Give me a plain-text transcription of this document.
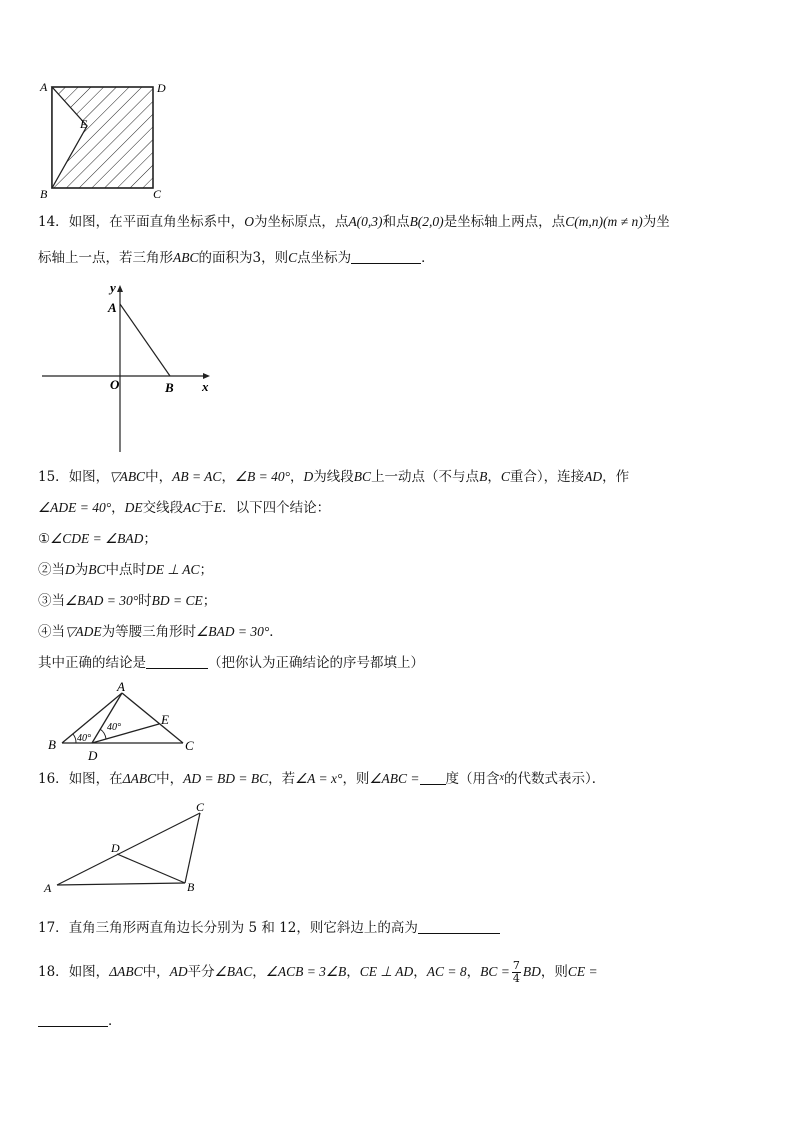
A	D
E
B	C
14．如图，在平面直角坐标系中，O为坐标原点，点A(0,3)和点B(2,0)是坐标轴上两点，点C(m,n)(m ≠ n)为坐
标轴上一点，若三角形ABC的面积为3，则C点坐标为	．
y
A
O	B x
15．如图，▽ABC中，AB = AC，∠B = 40°，D为线段BC上一动点（不与点B，C重合），连接AD，作
∠ADE = 40°，DE交线段AC于E．以下四个结论：
①∠CDE = ∠BAD；
②当D为BC中点时DE ⊥ AC；
③当∠BAD = 30°时BD = CE；
④当▽ADE为等腰三角形时∠BAD = 30°．
其中正确的结论是	（把你认为正确结论的序号都填上）
A
E
B	C
D
40°
40°
16．如图，在ΔABC中，AD = BD = BC，若∠A = x°，则∠ABC = 度（用含$^x$的代数式表示）．
C
D
A	B
17．直角三角形两直角边长分别为 5 和 12，则它斜边上的高为
18．如图，ΔABC中，AD平分∠BAC，∠ACB = 3∠B，CE ⊥ AD，AC = 8，BC = $\frac{7}{4}$ BD，则CE =
．
